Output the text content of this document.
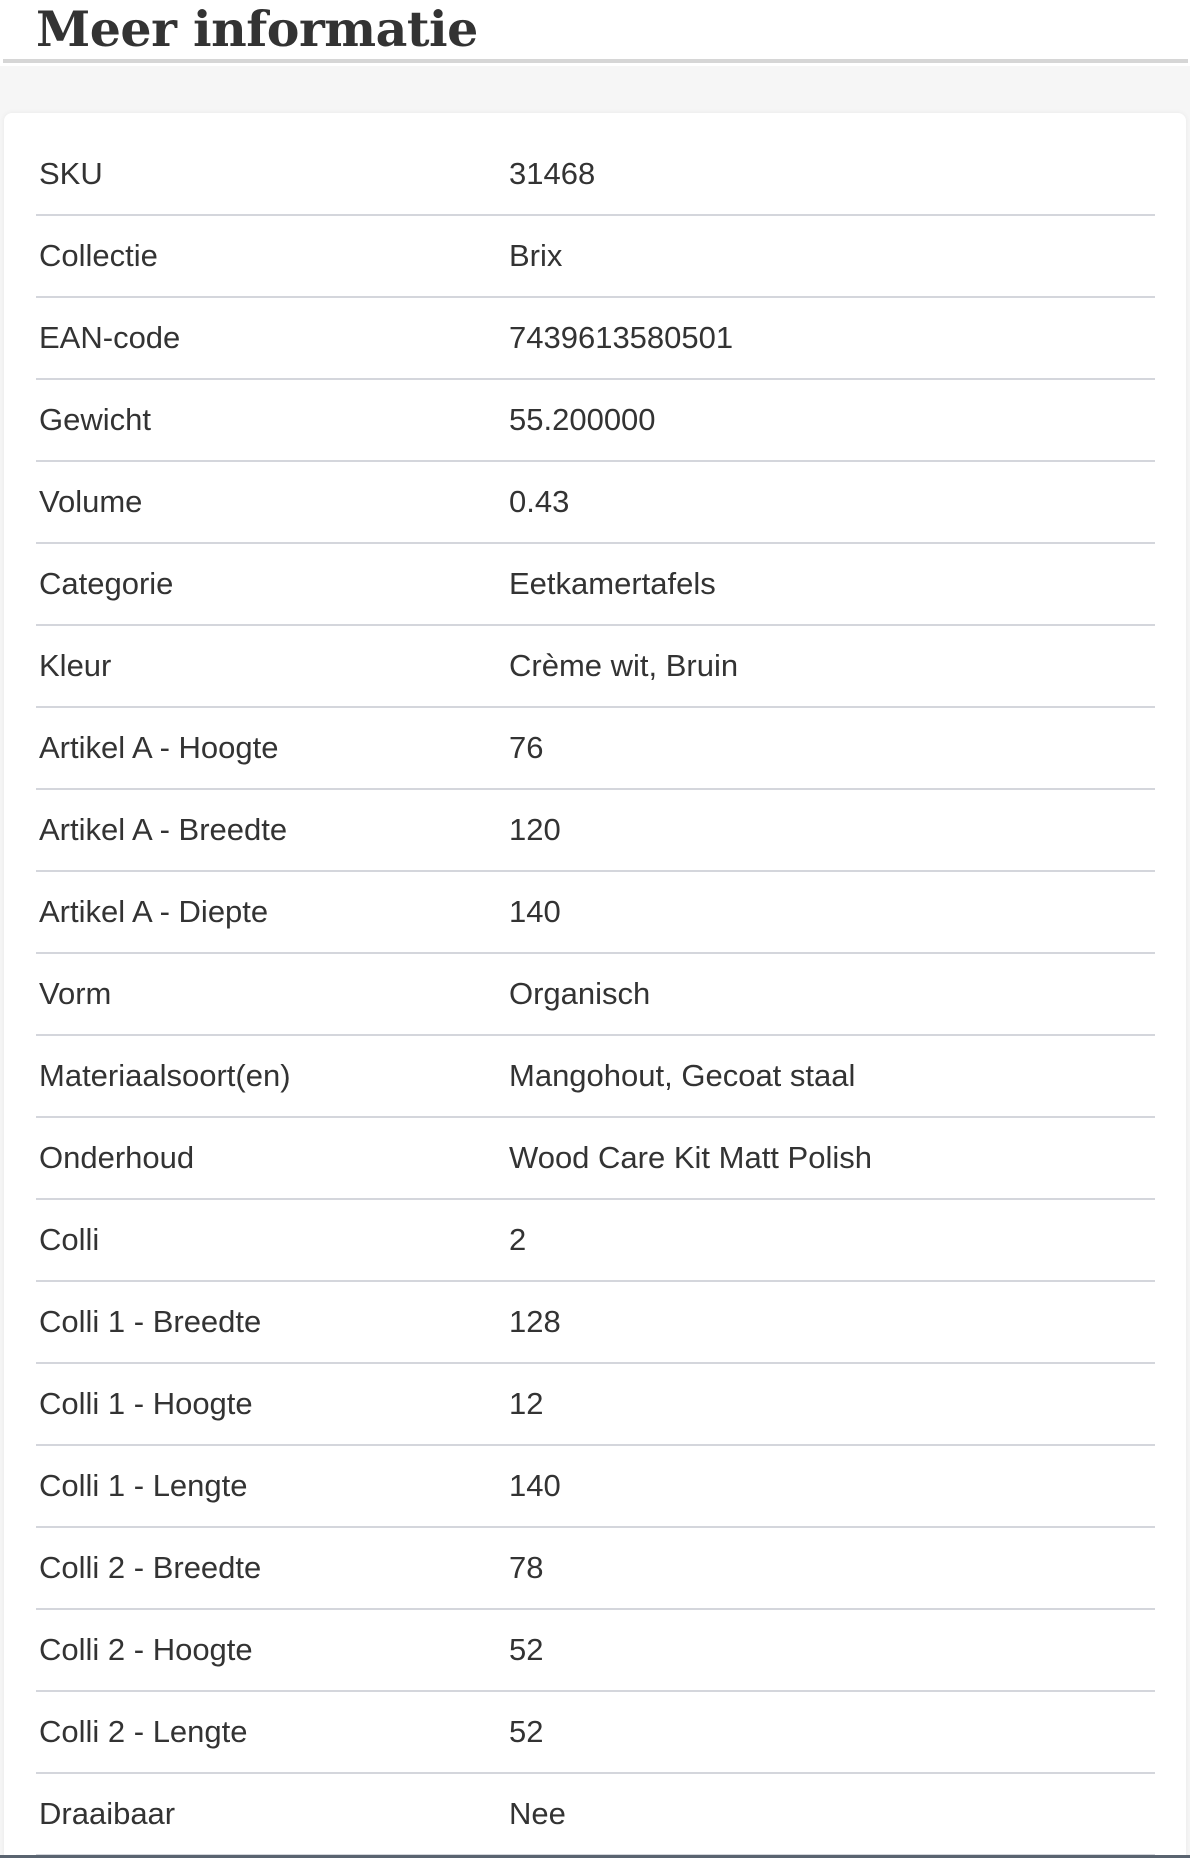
Meer informatie
SKU	31468
Collectie	Brix
EAN-code	7439613580501
Gewicht	55.200000
Volume	0.43
Categorie	Eetkamertafels
Kleur	Crème wit, Bruin
Artikel A - Hoogte	76
Artikel A - Breedte	120
Artikel A - Diepte	140
Vorm	Organisch
Materiaalsoort(en)	Mangohout, Gecoat staal
Onderhoud	Wood Care Kit Matt Polish
Colli	2
Colli 1 - Breedte	128
Colli 1 - Hoogte	12
Colli 1 - Lengte	140
Colli 2 - Breedte	78
Colli 2 - Hoogte	52
Colli 2 - Lengte	52
Draaibaar	Nee
